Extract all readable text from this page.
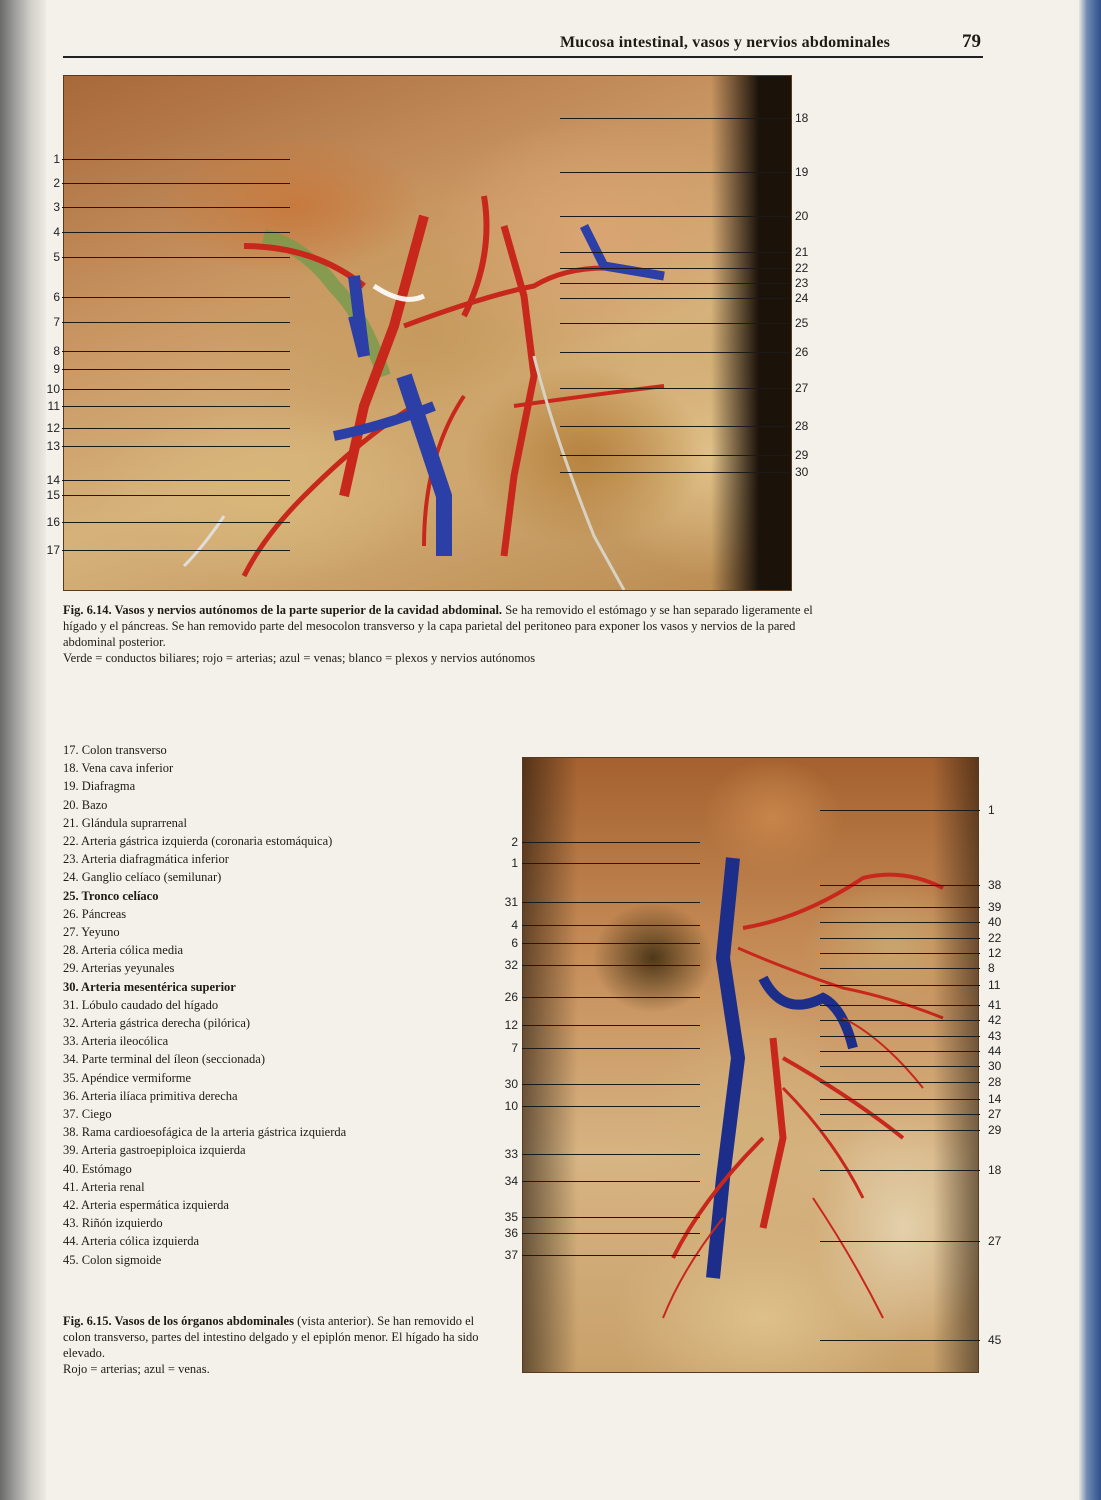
Mucosa intestinal, vasos y nervios abdominales	79
1
2
3
4
5
6
7
8
9
10
11
12
13
14
15
16
17
18
19
20
21
22
23
24
25
26
27
28
29
30
Fig. 6.14. Vasos y nervios autónomos de la parte superior de la cavidad abdominal. Se ha removido el estómago y se han separado ligeramente el hígado y el páncreas. Se han removido parte del mesocolon transverso y la capa parietal del peritoneo para exponer los vasos y nervios de la pared abdominal posterior.
Verde = conductos biliares; rojo = arterias; azul = venas; blanco = plexos y nervios autónomos
17. Colon transverso
18. Vena cava inferior
19. Diafragma
20. Bazo
21. Glándula suprarrenal
22. Arteria gástrica izquierda (coronaria estomáquica)
23. Arteria diafragmática inferior
24. Ganglio celíaco (semilunar)
25. Tronco celíaco
26. Páncreas
27. Yeyuno
28. Arteria cólica media
29. Arterias yeyunales
30. Arteria mesentérica superior
31. Lóbulo caudado del hígado
32. Arteria gástrica derecha (pilórica)
33. Arteria ileocólica
34. Parte terminal del íleon (seccionada)
35. Apéndice vermiforme
36. Arteria ilíaca primitiva derecha
37. Ciego
38. Rama cardioesofágica de la arteria gástrica izquierda
39. Arteria gastroepiploica izquierda
40. Estómago
41. Arteria renal
42. Arteria espermática izquierda
43. Riñón izquierdo
44. Arteria cólica izquierda
45. Colon sigmoide
2
1
31
4
6
32
26
12
7
30
10
33
34
35
36
37
1
38
39
40
22
12
8
11
41
42
43
44
30
28
14
27
29
18
27
45
Fig. 6.15. Vasos de los órganos abdominales (vista anterior). Se han removido el colon transverso, partes del intestino delgado y el epiplón menor. El hígado ha sido elevado.
Rojo = arterias; azul = venas.
